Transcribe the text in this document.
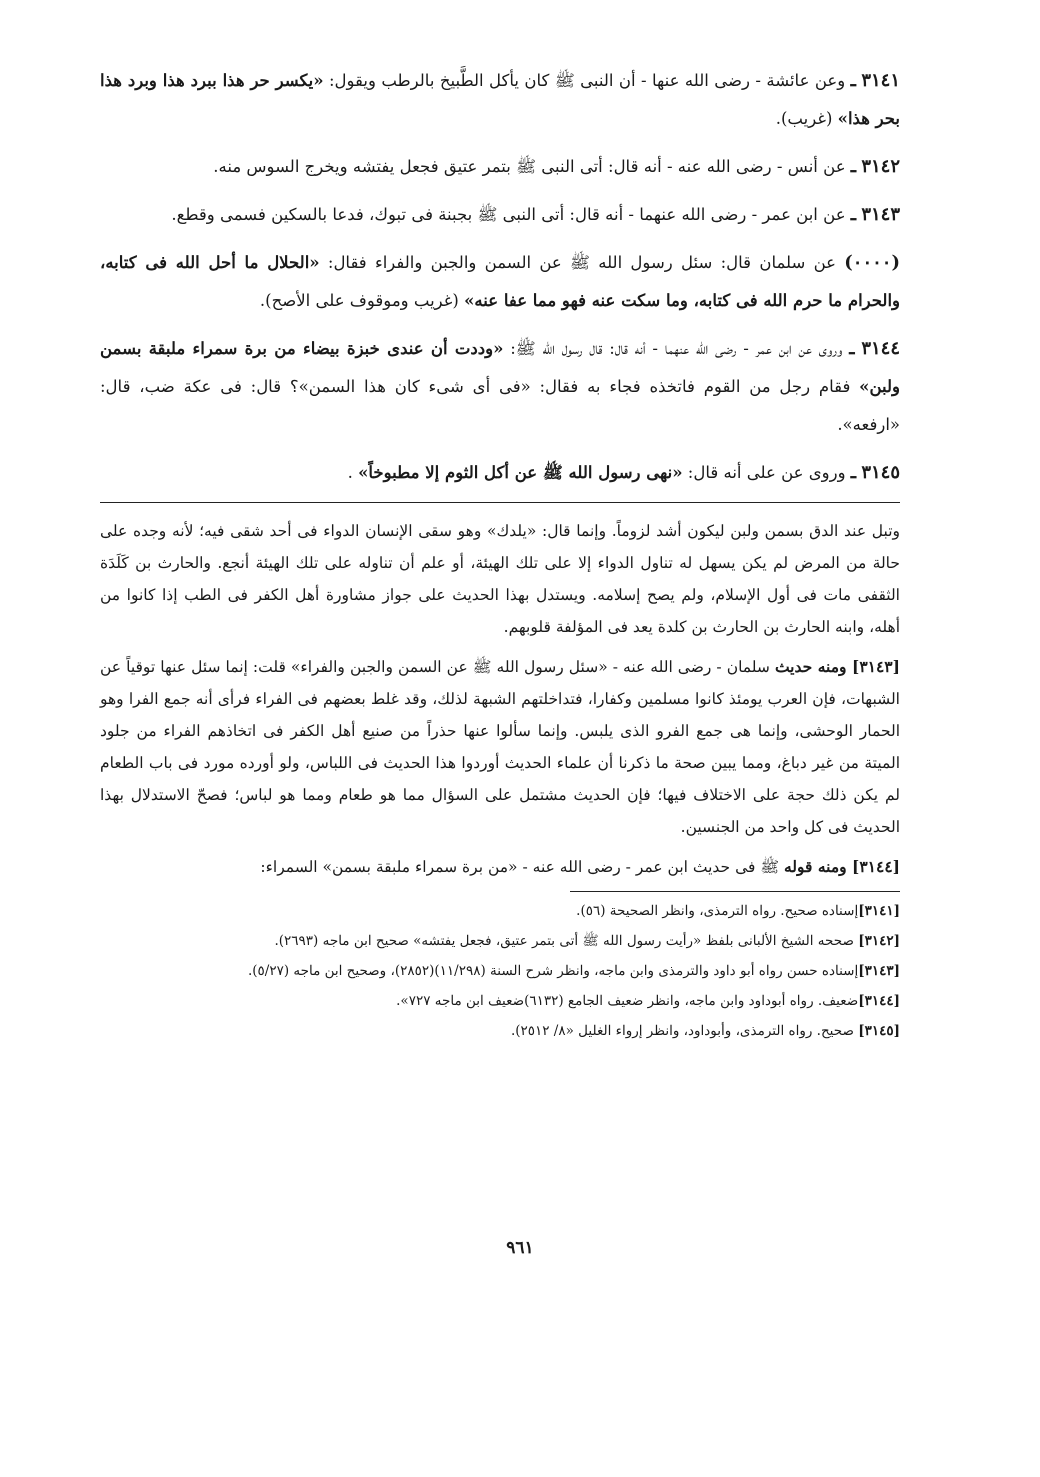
٣١٤١ ـ وعن عائشة - رضى الله عنها - أن النبى ﷺ كان يأكل الطَّبيخ بالرطب ويقول: «يكسر حر هذا ببرد هذا وبرد هذا بحر هذا» (غريب).
٣١٤٢ ـ عن أنس - رضى الله عنه - أنه قال: أتى النبى ﷺ بتمر عتيق فجعل يفتشه ويخرج السوس منه.
٣١٤٣ ـ عن ابن عمر - رضى الله عنهما - أنه قال: أتى النبى ﷺ بجبنة فى تبوك، فدعا بالسكين فسمى وقطع.
(٠٠٠٠) عن سلمان قال: سئل رسول الله ﷺ عن السمن والجبن والفراء فقال: «الحلال ما أحل الله فى كتابه، والحرام ما حرم الله فى كتابه، وما سكت عنه فهو مما عفا عنه» (غريب وموقوف على الأصح).
٣١٤٤ ـ وروى عن ابن عمر - رضى الله عنهما - أنه قال: قال رسول الله ﷺ: «وددت أن عندى خبزة بيضاء من برة سمراء ملبقة بسمن ولبن» فقام رجل من القوم فاتخذه فجاء به فقال: «فى أى شىء كان هذا السمن»؟ قال: فى عكة ضب، قال: «ارفعه».
٣١٤٥ ـ وروى عن على أنه قال: «نهى رسول الله ﷺ عن أكل الثوم إلا مطبوخاً» .
وتبل عند الدق بسمن ولبن ليكون أشد لزوماً. وإنما قال: «يلدك» وهو سقى الإنسان الدواء فى أحد شقى فيه؛ لأنه وجده على حالة من المرض لم يكن يسهل له تناول الدواء إلا على تلك الهيئة، أو علم أن تناوله على تلك الهيئة أنجع. والحارث بن كَلَدَة الثقفى مات فى أول الإسلام، ولم يصح إسلامه. ويستدل بهذا الحديث على جواز مشاورة أهل الكفر فى الطب إذا كانوا من أهله، وابنه الحارث بن الحارث بن كلدة يعد فى المؤلفة قلوبهم.
[٣١٤٣] ومنه حديث سلمان - رضى الله عنه - «سئل رسول الله ﷺ عن السمن والجبن والفراء» قلت: إنما سئل عنها توقياً عن الشبهات، فإن العرب يومئذ كانوا مسلمين وكفارا، فتداخلتهم الشبهة لذلك، وقد غلط بعضهم فى الفراء فرأى أنه جمع الفرا وهو الحمار الوحشى، وإنما هى جمع الفرو الذى يلبس. وإنما سألوا عنها حذراً من صنيع أهل الكفر فى اتخاذهم الفراء من جلود الميتة من غير دباغ، ومما يبين صحة ما ذكرنا أن علماء الحديث أوردوا هذا الحديث فى اللباس، ولو أورده مورد فى باب الطعام لم يكن ذلك حجة على الاختلاف فيها؛ فإن الحديث مشتمل على السؤال مما هو طعام ومما هو لباس؛ فصحّ الاستدلال بهذا الحديث فى كل واحد من الجنسين.
[٣١٤٤] ومنه قوله ﷺ فى حديث ابن عمر - رضى الله عنه - «من برة سمراء ملبقة بسمن» السمراء:
[٣١٤١]إسناده صحيح. رواه الترمذى، وانظر الصحيحة (٥٦).
[٣١٤٢] صححه الشيخ الألبانى بلفظ «رأيت رسول الله ﷺ أتى بتمر عتيق، فجعل يفتشه» صحيح ابن ماجه (٢٦٩٣).
[٣١٤٣]إسناده حسن رواه أبو داود والترمذى وابن ماجه، وانظر شرح السنة (١١/٢٩٨)(٢٨٥٢)، وصحيح ابن ماجه (٥/٢٧).
[٣١٤٤]ضعيف. رواه أبوداود وابن ماجه، وانظر ضعيف الجامع (٦١٣٢)ضعيف ابن ماجه ٧٢٧».
[٣١٤٥] صحيح. رواه الترمذى، وأبوداود، وانظر إرواء الغليل «٨/ ٢٥١٢).
٩٦١
